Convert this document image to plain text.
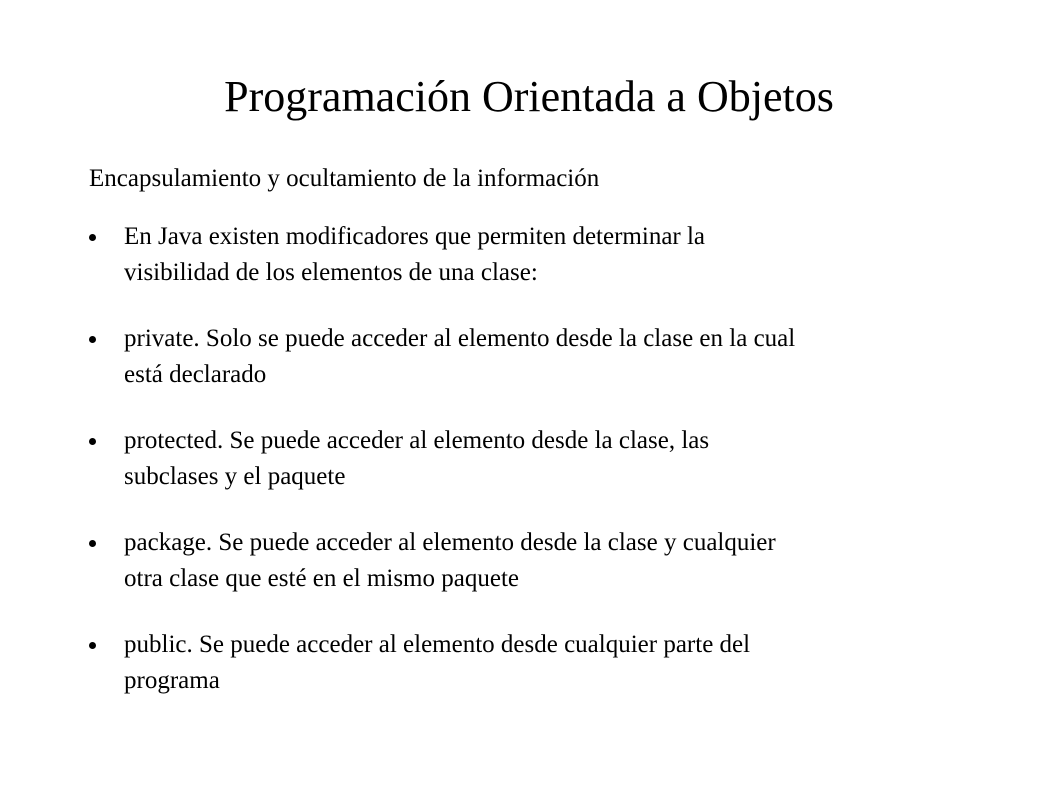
Programación Orientada a Objetos

Encapsulamiento y ocultamiento de la información

En Java existen modificadores que permiten determinar la
visibilidad de los elementos de una clase:
private. Solo se puede acceder al elemento desde la clase en la cual
está declarado
protected. Se puede acceder al elemento desde la clase, las
subclases y el paquete
package. Se puede acceder al elemento desde la clase y cualquier
otra clase que esté en el mismo paquete
public. Se puede acceder al elemento desde cualquier parte del
programa
